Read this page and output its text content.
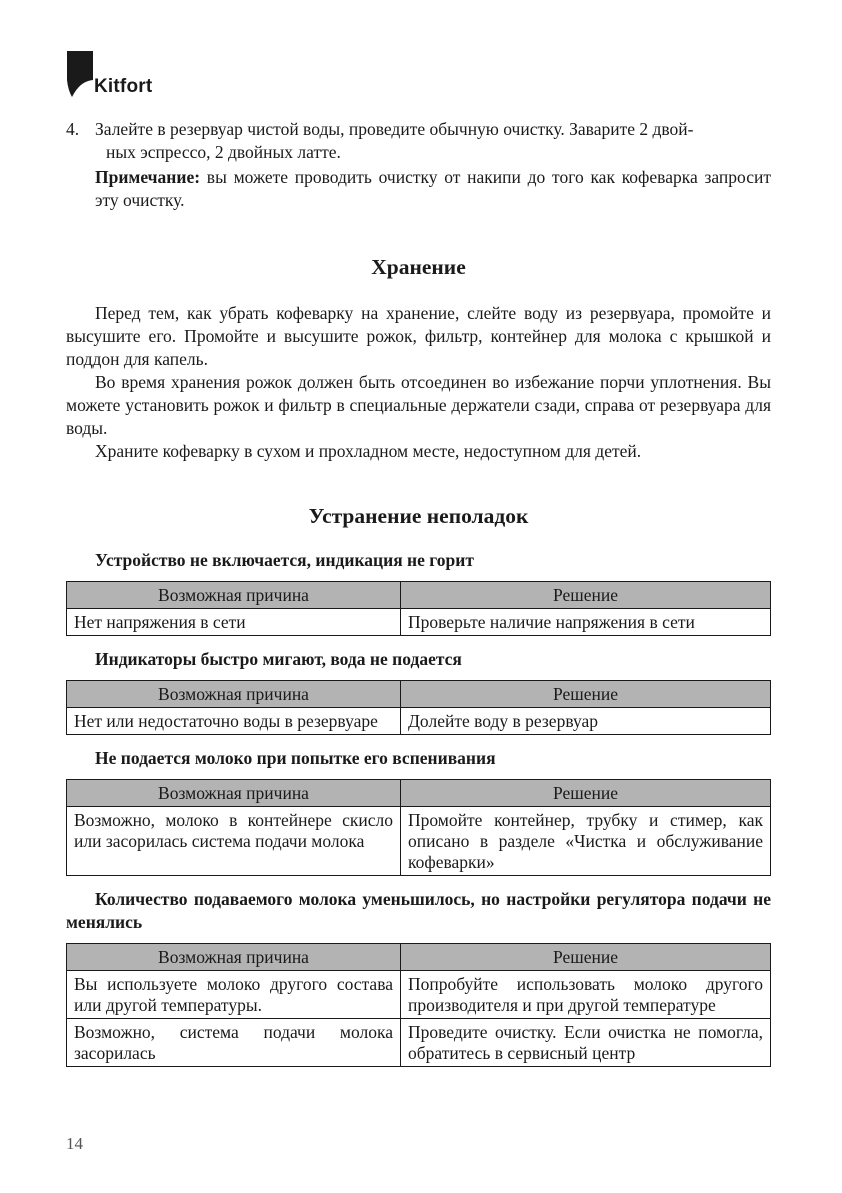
Kitfort

4. Залейте в резервуар чистой воды, проведите обычную очистку. Заварите 2 двой-
ных эспрессо, 2 двойных латте.

Примечание: вы можете проводить очистку от накипи до того как кофеварка запросит эту очистку.

Хранение

Перед тем, как убрать кофеварку на хранение, слейте воду из резервуара, промойте и высушите его. Промойте и высушите рожок, фильтр, контейнер для молока с крышкой и поддон для капель.

Во время хранения рожок должен быть отсоединен во избежание порчи уплотнения. Вы можете установить рожок и фильтр в специальные держатели сзади, справа от резервуара для воды.

Храните кофеварку в сухом и прохладном месте, недоступном для детей.

Устранение неполадок

Устройство не включается, индикация не горит

Возможная причина	Решение
Нет напряжения в сети	Проверьте наличие напряжения в сети

Индикаторы быстро мигают, вода не подается

Возможная причина	Решение
Нет или недостаточно воды в резервуаре	Долейте воду в резервуар

Не подается молоко при попытке его вспенивания

Возможная причина	Решение
Возможно, молоко в контейнере скисло или засорилась система подачи молока	Промойте контейнер, трубку и стимер, как описано в разделе «Чистка и обслуживание кофеварки»

Количество подаваемого молока уменьшилось, но настройки регулятора подачи не менялись

Возможная причина	Решение
Вы используете молоко другого состава или другой температуры.	Попробуйте использовать молоко другого производителя и при другой температуре
Возможно, система подачи молока засорилась	Проведите очистку. Если очистка не помогла, обратитесь в сервисный центр
14
